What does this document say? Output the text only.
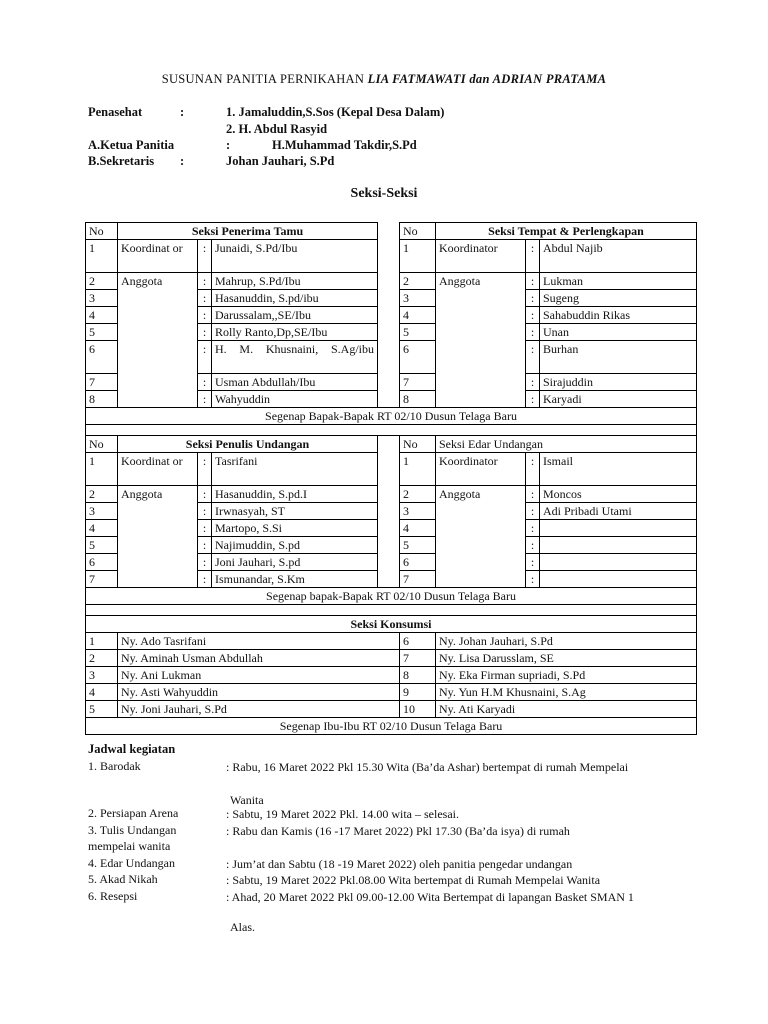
SUSUNAN PANITIA PERNIKAHAN LIA FATMAWATI dan ADRIAN PRATAMA
Penasehat	:	1. Jamaluddin,S.Sos (Kepal Desa Dalam)
2. H. Abdul Rasyid
A.Ketua Panitia	:	H.Muhammad Takdir,S.Pd
B.Sekretaris :	Johan Jauhari, S.Pd
Seksi-Seksi
No	Seksi Penerima Tamu				No	Seksi Tempat & Perlengkapan		
1	Koordinat or	:	Junaidi, S.Pd/Ibu		1	Koordinator	:	Abdul Najib
2	Anggota	:	Mahrup, S.Pd/Ibu		2	Anggota	:	Lukman
3		:	Hasanuddin, S.pd/ibu		3		:	Sugeng
4		:	Darussalam,,SE/Ibu		4		:	Sahabuddin Rikas
5		:	Rolly Ranto,Dp,SE/Ibu		5		:	Unan
6		:	H. M. Khusnaini, S.Ag/ibu		6		:	Burhan
7		:	Usman Abdullah/Ibu		7		:	Sirajuddin
8		:	Wahyuddin		8		:	Karyadi
Segenap Bapak-Bapak RT 02/10 Dusun Telaga Baru								

No	Seksi Penulis Undangan				No	Seksi Edar Undangan		
1	Koordinat or	:	Tasrifani		1	Koordinator	:	Ismail
2	Anggota	:	Hasanuddin, S.pd.I		2	Anggota	:	Moncos
3		:	Irwnasyah, ST		3		:	Adi Pribadi Utami
4		:	Martopo, S.Si		4		:	
5		:	Najimuddin, S.pd		5		:	
6		:	Joni Jauhari, S.pd		6		:	
7		:	Ismunandar, S.Km		7		:	
Segenap bapak-Bapak RT 02/10 Dusun Telaga Baru								

Seksi Konsumsi								
1	Ny. Ado Tasrifani				6	Ny. Johan Jauhari, S.Pd		
2	Ny. Aminah Usman Abdullah				7	Ny. Lisa Darusslam, SE		
3	Ny. Ani Lukman				8	Ny. Eka Firman supriadi, S.Pd		
4	Ny. Asti Wahyuddin				9	Ny. Yun H.M Khusnaini, S.Ag		
5	Ny. Joni Jauhari, S.Pd				10	Ny. Ati Karyadi		
Segenap Ibu-Ibu RT 02/10 Dusun Telaga Baru								
Jadwal kegiatan
1. Barodak	: Rabu, 16 Maret 2022 Pkl 15.30 Wita (Ba’da Ashar) bertempat di rumah Mempelai
Wanita
2. Persiapan Arena	: Sabtu, 19 Maret 2022 Pkl. 14.00 wita – selesai.
3. Tulis Undangan	: Rabu dan Kamis (16 -17 Maret 2022) Pkl 17.30 (Ba’da isya) di rumah
mempelai wanita
4. Edar Undangan	: Jum’at dan Sabtu (18 -19 Maret 2022) oleh panitia pengedar undangan
5. Akad Nikah	: Sabtu, 19 Maret 2022 Pkl.08.00 Wita bertempat di Rumah Mempelai Wanita
6. Resepsi	: Ahad, 20 Maret 2022 Pkl 09.00-12.00 Wita Bertempat di lapangan Basket SMAN 1
Alas.
